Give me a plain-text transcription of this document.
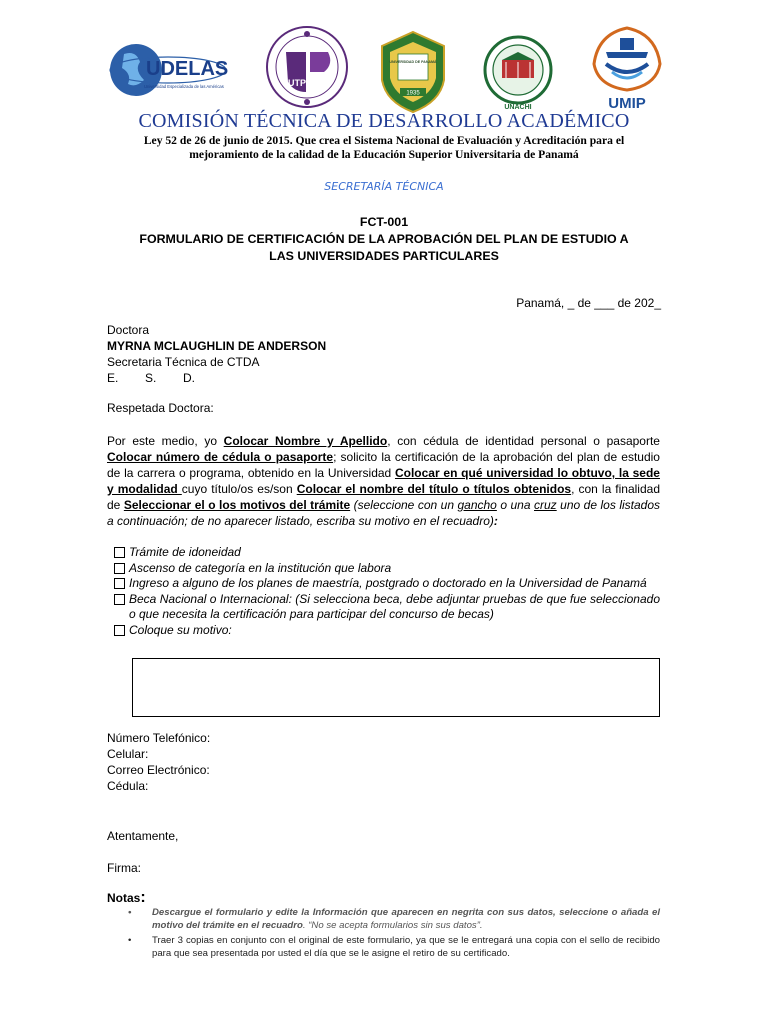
UDELAS
Universidad Especializada de las Américas	UTP
UNIVERSIDAD DE PANAMÁ
1935
UNACHI	UMIP
COMISIÓN TÉCNICA DE DESARROLLO ACADÉMICO
Ley 52 de 26 de junio de 2015. Que crea el Sistema Nacional de Evaluación y Acreditación para el
mejoramiento de la calidad de la Educación Superior Universitaria de Panamá
SECRETARÍA TÉCNICA
FCT-001
FORMULARIO DE CERTIFICACIÓN DE LA APROBACIÓN DEL PLAN DE ESTUDIO A
LAS UNIVERSIDADES PARTICULARES
Panamá, _ de ___ de 202_
Doctora
MYRNA MCLAUGHLIN DE ANDERSON
Secretaria Técnica de CTDA
E.        S.        D.
Respetada Doctora:
Por este medio, yo Colocar Nombre y Apellido, con cédula de identidad personal o pasaporte Colocar número de cédula o pasaporte; solicito la certificación de la aprobación del plan de estudio de la carrera o programa, obtenido en la Universidad Colocar en qué universidad lo obtuvo, la sede y modalidad cuyo título/os es/son Colocar el nombre del título o títulos obtenidos, con la finalidad de Seleccionar el o los motivos del trámite (seleccione con un gancho o una cruz uno de los listados a continuación; de no aparecer listado, escriba su motivo en el recuadro):
Trámite de idoneidad
Ascenso de categoría en la institución que labora
Ingreso a alguno de los planes de maestría, postgrado o doctorado en la Universidad de Panamá
Beca Nacional o Internacional: (Si selecciona beca, debe adjuntar pruebas de que fue seleccionado o que necesita la certificación para participar del concurso de becas)
Coloque su motivo:
Número Telefónico:
Celular:
Correo Electrónico:
Cédula:
Atentamente,
Firma:
Notas:
• Descargue el formulario y edite la Información que aparecen en negrita con sus datos, seleccione o añada el motivo del trámite en el recuadro. “No se acepta formularios sin sus datos”.
• Traer 3 copias en conjunto con el original de este formulario, ya que se le entregará una copia con el sello de recibido para que sea presentada por usted el día que se le asigne el retiro de su certificado.
